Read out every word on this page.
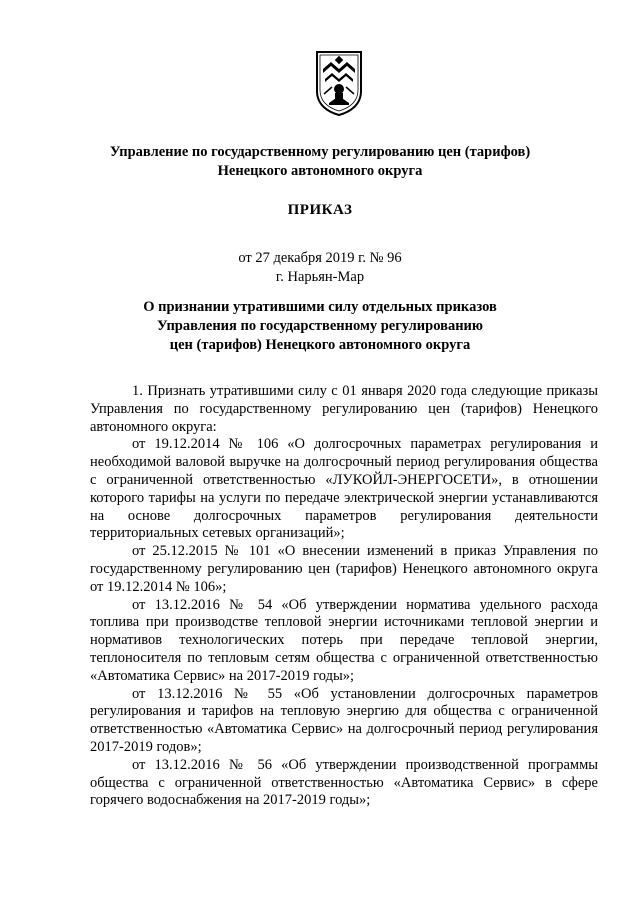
Управление по государственному регулированию цен (тарифов)
Ненецкого автономного округа
ПРИКАЗ
от 27 декабря 2019 г. № 96
г. Нарьян-Мар
О признании утратившими силу отдельных приказов
Управления по государственному регулированию
цен (тарифов) Ненецкого автономного округа

1. Признать утратившими силу с 01 января 2020 года следующие приказы Управления по государственному регулированию цен (тарифов) Ненецкого автономного округа:

от 19.12.2014 № 106 «О долгосрочных параметрах регулирования и необходимой валовой выручке на долгосрочный период регулирования общества с ограниченной ответственностью «ЛУКОЙЛ-ЭНЕРГОСЕТИ», в отношении которого тарифы на услуги по передаче электрической энергии устанавливаются на основе долгосрочных параметров регулирования деятельности территориальных сетевых организаций»;

от 25.12.2015 № 101 «О внесении изменений в приказ Управления по государственному регулированию цен (тарифов) Ненецкого автономного округа от 19.12.2014 № 106»;

от 13.12.2016 № 54 «Об утверждении норматива удельного расхода топлива при производстве тепловой энергии источниками тепловой энергии и нормативов технологических потерь при передаче тепловой энергии, теплоносителя по тепловым сетям общества с ограниченной ответственностью «Автоматика Сервис» на 2017-2019 годы»;

от 13.12.2016 № 55 «Об установлении долгосрочных параметров регулирования и тарифов на тепловую энергию для общества с ограниченной ответственностью «Автоматика Сервис» на долгосрочный период регулирования 2017-2019 годов»;

от 13.12.2016 № 56 «Об утверждении производственной программы общества с ограниченной ответственностью «Автоматика Сервис» в сфере горячего водоснабжения на 2017-2019 годы»;
